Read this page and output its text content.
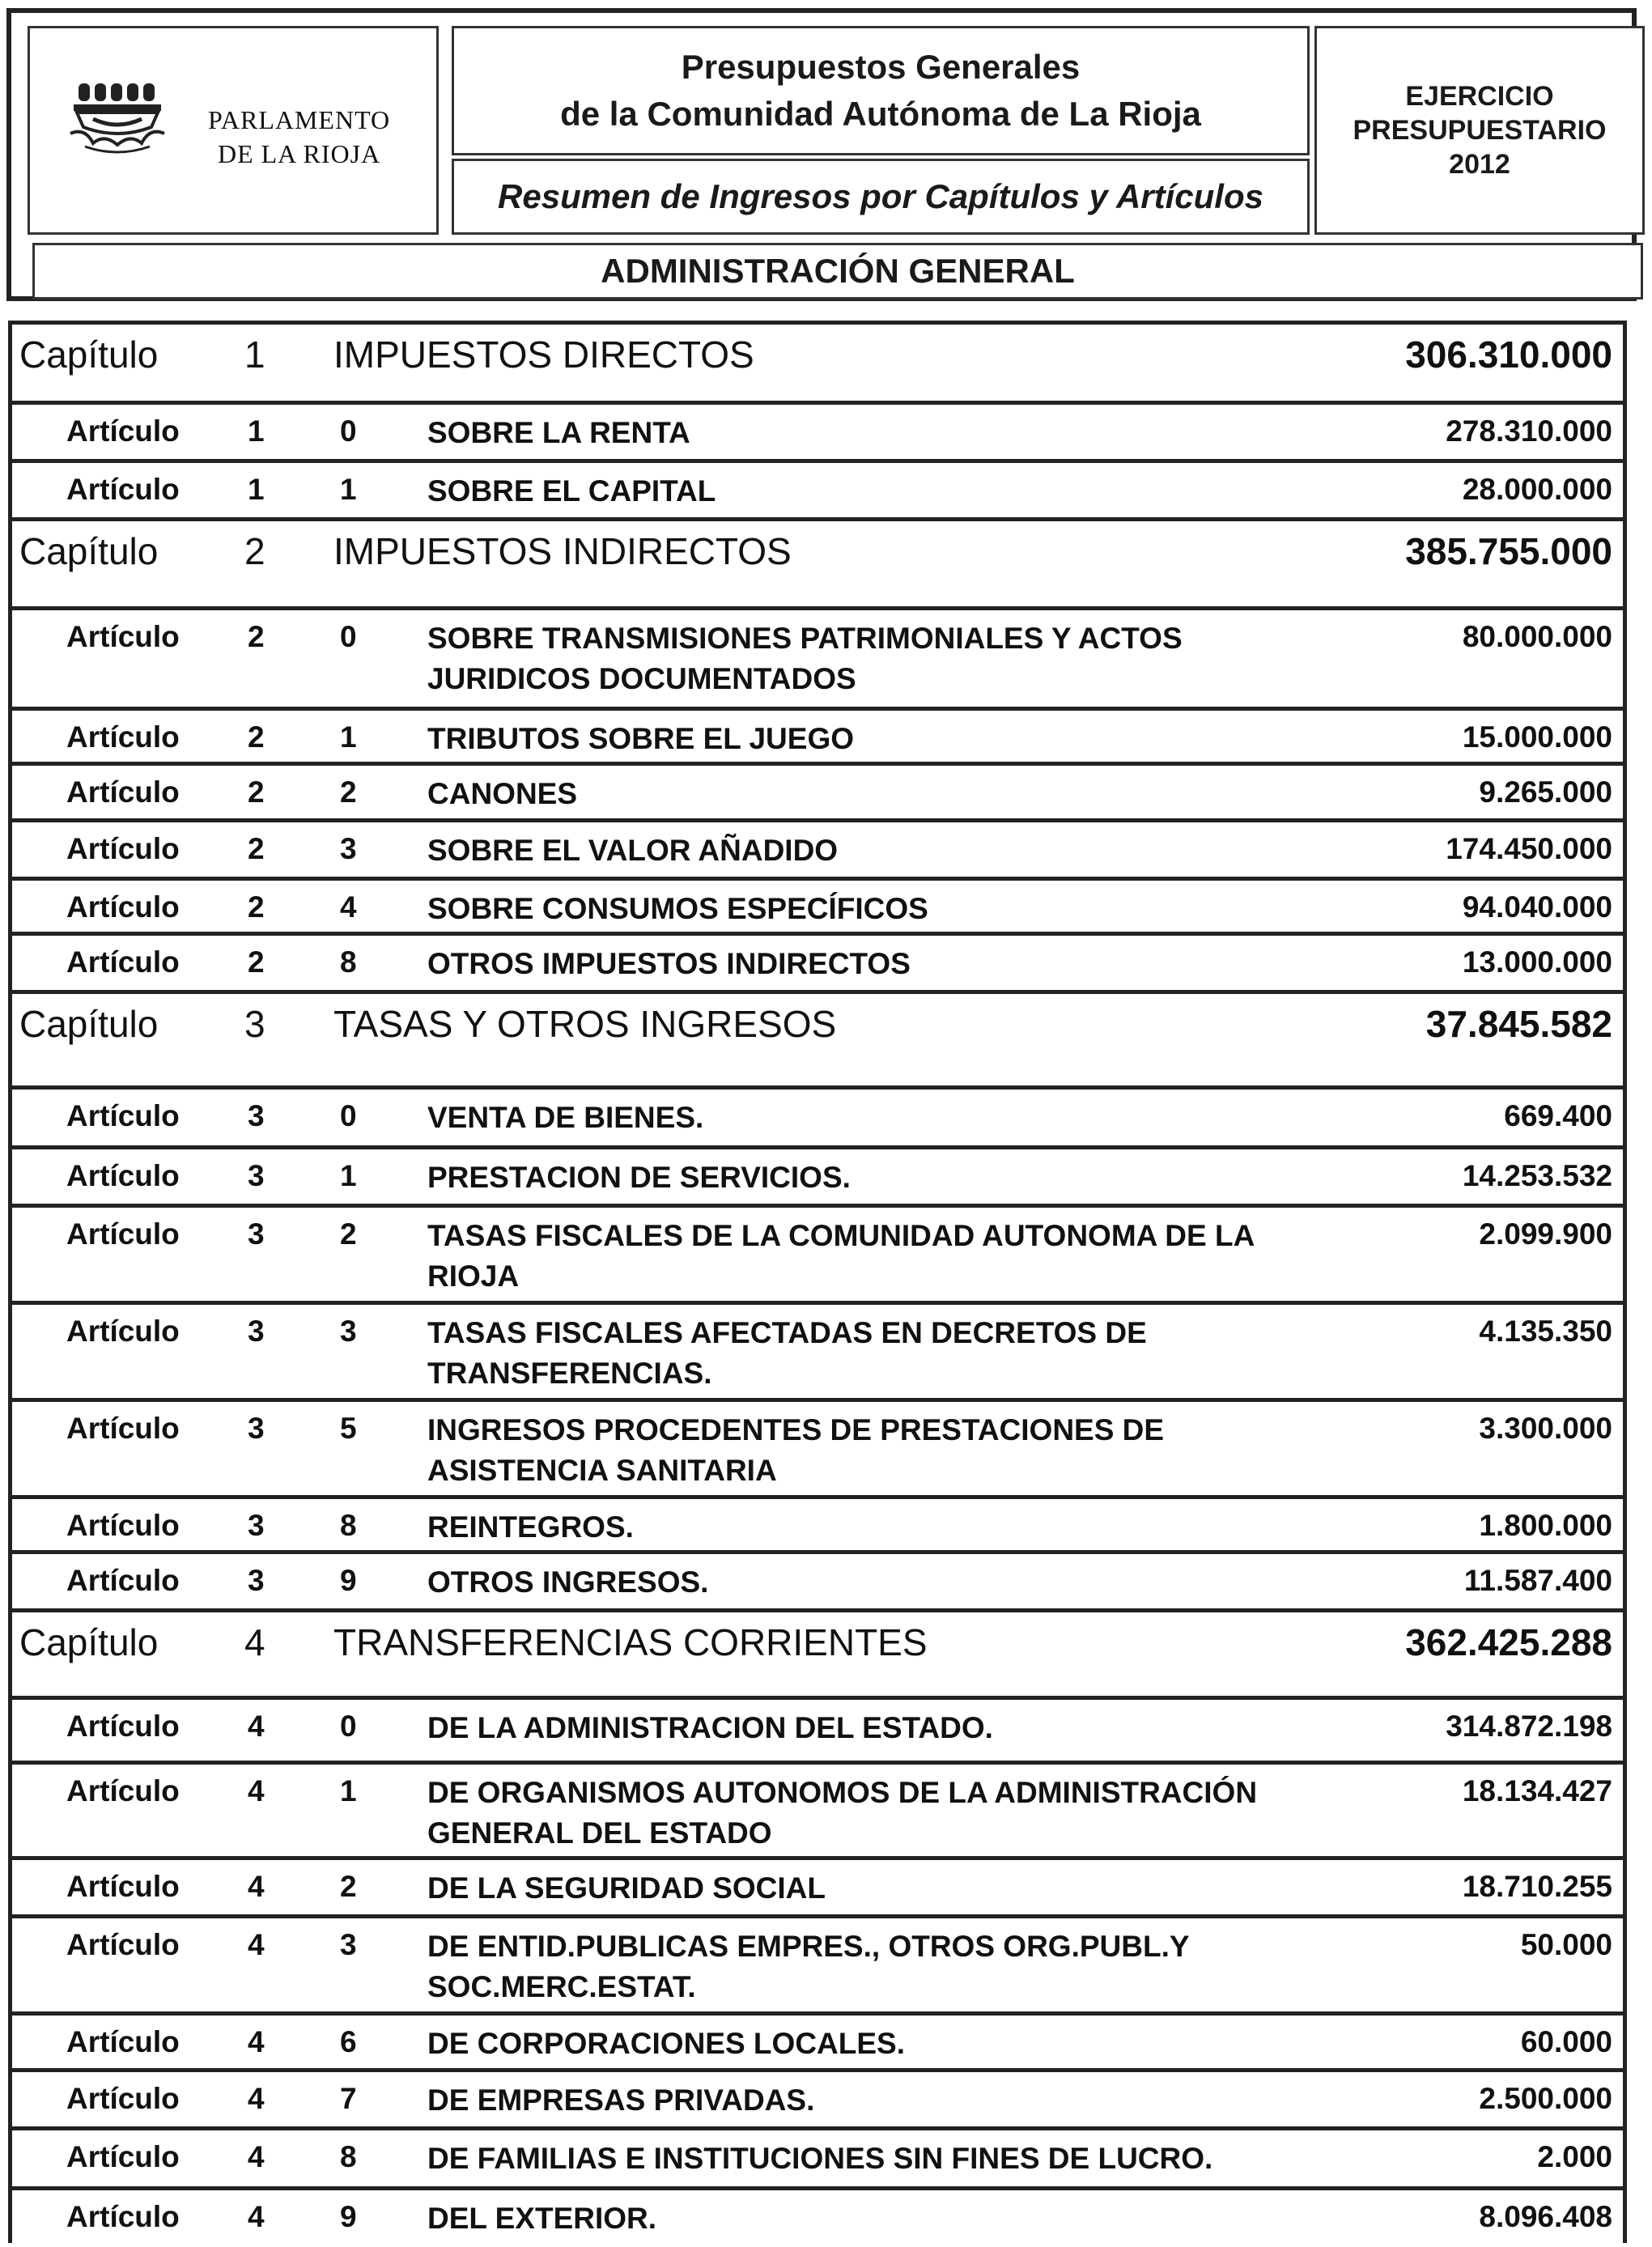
PARLAMENTO
DE LA RIOJA
Presupuestos Generales
de la Comunidad Autónoma de La Rioja
Resumen de Ingresos por Capítulos y Artículos
EJERCICIO
PRESUPUESTARIO
2012
ADMINISTRACIÓN GENERAL
Capítulo 1 IMPUESTOS DIRECTOS	306.310.000
Artículo 1	0 SOBRE LA RENTA	278.310.000
Artículo 1	1 SOBRE EL CAPITAL	28.000.000
Capítulo 2 IMPUESTOS INDIRECTOS	385.755.000
Artículo 2	0 SOBRE TRANSMISIONES PATRIMONIALES Y ACTOS JURIDICOS DOCUMENTADOS
80.000.000
Artículo 2	1 TRIBUTOS SOBRE EL JUEGO	15.000.000
Artículo 2	2 CANONES	9.265.000
Artículo 2	3 SOBRE EL VALOR AÑADIDO	174.450.000
Artículo 2	4 SOBRE CONSUMOS ESPECÍFICOS	94.040.000
Artículo 2	8 OTROS IMPUESTOS INDIRECTOS	13.000.000
Capítulo 3 TASAS Y OTROS INGRESOS	37.845.582
Artículo 3	0 VENTA DE BIENES.	669.400
Artículo 3	1 PRESTACION DE SERVICIOS.	14.253.532
Artículo 3	2 TASAS FISCALES DE LA COMUNIDAD AUTONOMA DE LA RIOJA
2.099.900
Artículo 3	3 TASAS FISCALES AFECTADAS EN DECRETOS DE TRANSFERENCIAS.
4.135.350
Artículo 3	5 INGRESOS PROCEDENTES DE PRESTACIONES DE ASISTENCIA SANITARIA
3.300.000
Artículo 3	8 REINTEGROS.	1.800.000
Artículo 3	9 OTROS INGRESOS.	11.587.400
Capítulo 4 TRANSFERENCIAS CORRIENTES	362.425.288
Artículo 4	0 DE LA ADMINISTRACION DEL ESTADO.	314.872.198
Artículo 4	1 DE ORGANISMOS AUTONOMOS DE LA ADMINISTRACIÓN GENERAL DEL ESTADO
18.134.427
Artículo 4	2 DE LA SEGURIDAD SOCIAL	18.710.255
Artículo 4	3 DE ENTID.PUBLICAS EMPRES., OTROS ORG.PUBL.Y SOC.MERC.ESTAT.
50.000
Artículo 4	6 DE CORPORACIONES LOCALES.	60.000
Artículo 4	7 DE EMPRESAS PRIVADAS.	2.500.000
Artículo 4	8 DE FAMILIAS E INSTITUCIONES SIN FINES DE LUCRO.	2.000
Artículo 4	9 DEL EXTERIOR.	8.096.408
